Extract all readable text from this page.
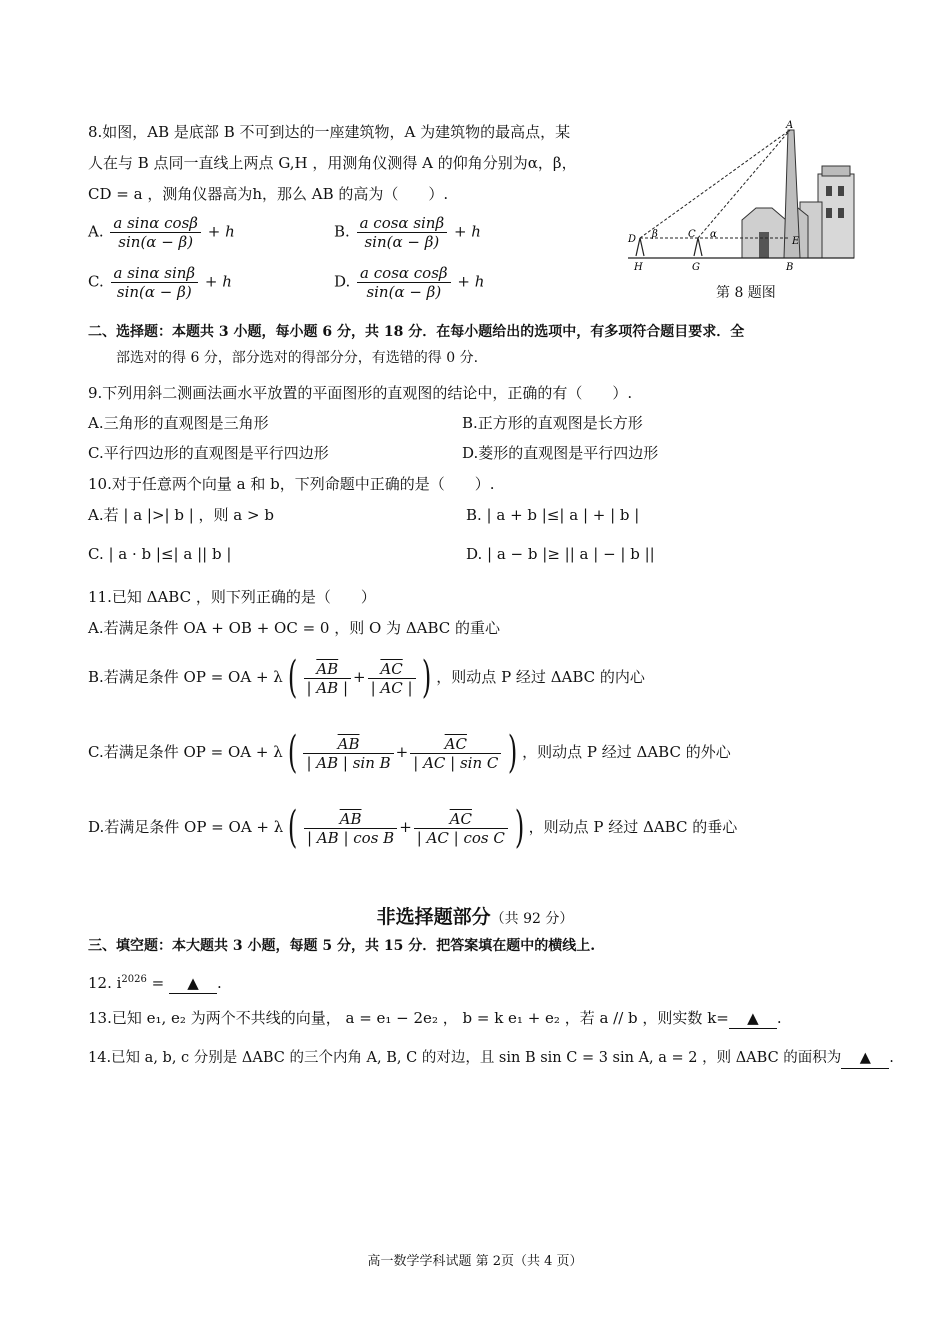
8.如图，AB 是底部 B 不可到达的一座建筑物，A 为建筑物的最高点，某
人在与 B 点同一直线上两点 G,H ，用测角仪测得 A 的仰角分别为α，β，
CD = a ，测角仪器高为h，那么 AB 的高为（　　）.
A. $\frac{\text{a sinα cosβ}}{\sin(\alpha - \beta)} + h$	B. $\frac{\text{a cosα sinβ}}{\sin(\alpha - \beta)} + h$
C. $\frac{\text{a sinα sinβ}}{\sin(\alpha - \beta)} + h$	D. $\frac{\text{a cosα cosβ}}{\sin(\alpha - \beta)} + h$
A
D β	C α
E
H	G	B
第 8 题图
二、选择题：本题共 3 小题，每小题 6 分，共 18 分．在每小题给出的选项中，有多项符合题目要求．全
部选对的得 6 分，部分选对的得部分分，有选错的得 0 分.
9.下列用斜二测画法画水平放置的平面图形的直观图的结论中，正确的有（　　）.
A.三角形的直观图是三角形	B.正方形的直观图是长方形
C.平行四边形的直观图是平行四边形	D.菱形的直观图是平行四边形
10.对于任意两个向量 a 和 b，下列命题中正确的是（　　）.
A.若 | a |>| b | ，则 a > b	B. | a + b |≤| a | + | b |
C. | a · b |≤| a || b |	D. | a − b |≥ || a | − | b ||
11.已知 ΔABC ，则下列正确的是（　　）
A.若满足条件 OA + OB + OC = 0 ，则 O 为 ΔABC 的重心
B.若满足条件 OP = OA + λ ( $\frac{\overline{AB}}{| AB |} + \frac{\overline{AC}}{| AC |}$ ) ，则动点 P 经过 ΔABC 的内心
C.若满足条件 OP = OA + λ ( $\frac{\overline{AB}}{\text{| AB | sin B}} + \frac{\overline{AC}}{\text{| AC | sin C}}$ ) ，则动点 P 经过 ΔABC 的外心
D.若满足条件 OP = OA + λ ( $\frac{\overline{AB}}{\text{| AB | cos B}} + \frac{\overline{AC}}{\text{| AC | cos C}}$ ) ，则动点 P 经过 ΔABC 的垂心
非选择题部分（共 92 分）
三、填空题：本大题共 3 小题，每题 5 分，共 15 分．把答案填在题中的横线上.
12. $i^{2026}$ = ▲ .
13.已知 e₁, e₂ 为两个不共线的向量， a = e₁ − 2e₂ ， b = k e₁ + e₂ ，若 a // b ，则实数 k= ▲ .
14.已知 a, b, c 分别是 ΔABC 的三个内角 A, B, C 的对边，且 sin B sin C = 3 sin A, a = 2 ，则 ΔABC 的面积为 ▲ .
高一数学学科试题 第 2页（共 4 页）
